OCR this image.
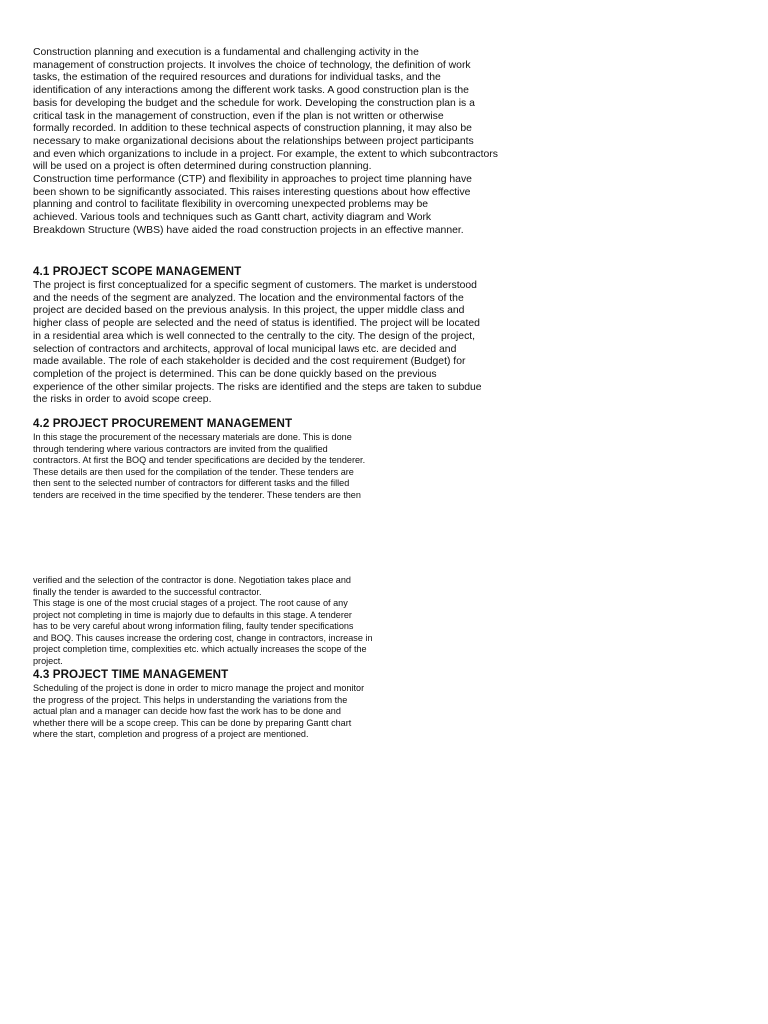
Construction planning and execution is a fundamental and challenging activity in the
management of construction projects. It involves the choice of technology, the definition of work
tasks, the estimation of the required resources and durations for individual tasks, and the
identification of any interactions among the different work tasks. A good construction plan is the
basis for developing the budget and the schedule for work. Developing the construction plan is a
critical task in the management of construction, even if the plan is not written or otherwise
formally recorded. In addition to these technical aspects of construction planning, it may also be
necessary to make organizational decisions about the relationships between project participants
and even which organizations to include in a project. For example, the extent to which subcontractors
will be used on a project is often determined during construction planning.
Construction time performance (CTP) and flexibility in approaches to project time planning have
been shown to be significantly associated. This raises interesting questions about how effective
planning and control to facilitate flexibility in overcoming unexpected problems may be
achieved. Various tools and techniques such as Gantt chart, activity diagram and Work
Breakdown Structure (WBS) have aided the road construction projects in an effective manner.
4.1 PROJECT SCOPE MANAGEMENT
The project is first conceptualized for a specific segment of customers. The market is understood
and the needs of the segment are analyzed. The location and the environmental factors of the
project are decided based on the previous analysis. In this project, the upper middle class and
higher class of people are selected and the need of status is identified. The project will be located
in a residential area which is well connected to the centrally to the city. The design of the project,
selection of contractors and architects, approval of local municipal laws etc. are decided and
made available. The role of each stakeholder is decided and the cost requirement (Budget) for
completion of the project is determined. This can be done quickly based on the previous
experience of the other similar projects. The risks are identified and the steps are taken to subdue
the risks in order to avoid scope creep.
4.2 PROJECT PROCUREMENT MANAGEMENT
In this stage the procurement of the necessary materials are done. This is done
through tendering where various contractors are invited from the qualified
contractors. At first the BOQ and tender specifications are decided by the tenderer.
These details are then used for the compilation of the tender. These tenders are
then sent to the selected number of contractors for different tasks and the filled
tenders are received in the time specified by the tenderer. These tenders are then
verified and the selection of the contractor is done. Negotiation takes place and
finally the tender is awarded to the successful contractor.
This stage is one of the most crucial stages of a project. The root cause of any
project not completing in time is majorly due to defaults in this stage. A tenderer
has to be very careful about wrong information filing, faulty tender specifications
and BOQ. This causes increase the ordering cost, change in contractors, increase in
project completion time, complexities etc. which actually increases the scope of the
project.
4.3 PROJECT TIME MANAGEMENT
Scheduling of the project is done in order to micro manage the project and monitor
the progress of the project. This helps in understanding the variations from the
actual plan and a manager can decide how fast the work has to be done and
whether there will be a scope creep. This can be done by preparing Gantt chart
where the start, completion and progress of a project are mentioned.
